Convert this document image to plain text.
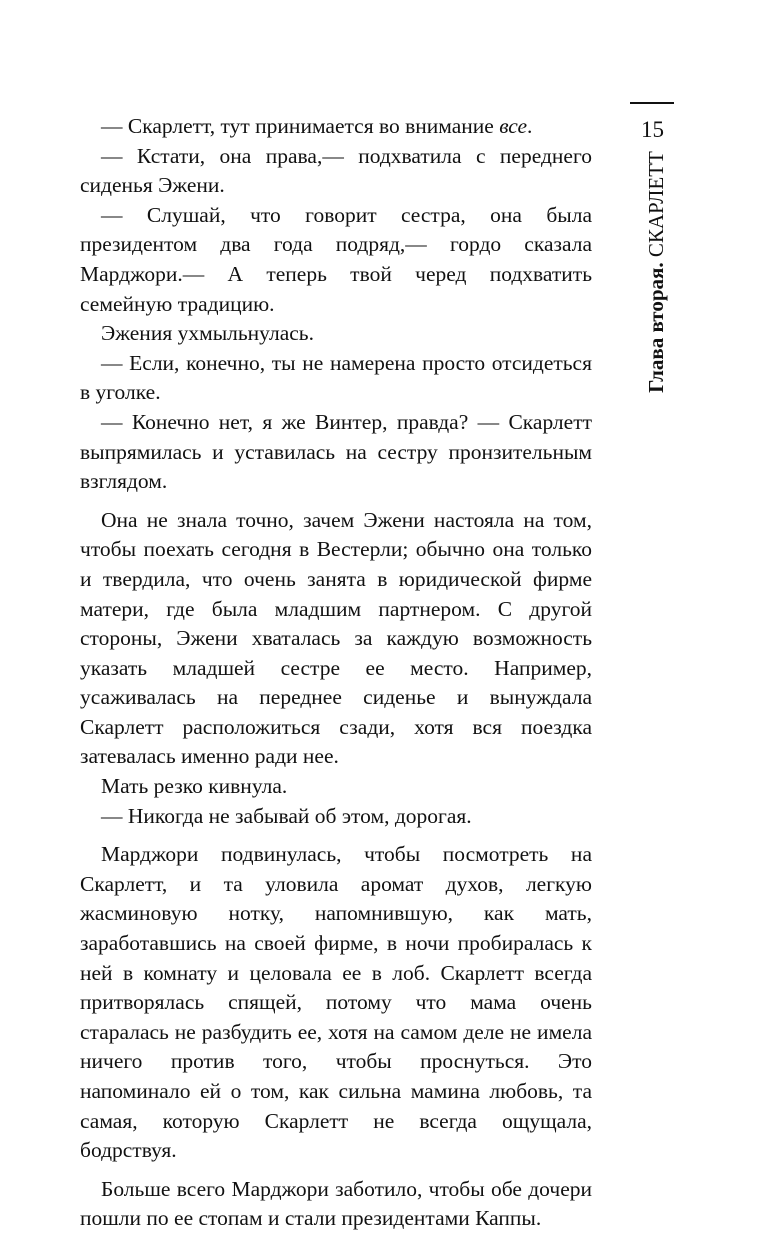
15
Глава вторая. СКАРЛЕТТ

— Скарлетт, тут принимается во внимание все.

— Кстати, она права,— подхватила с переднего сиденья Эжени.

— Слушай, что говорит сестра, она была президентом два года подряд,— гордо сказала Марджори.— А теперь твой черед подхватить семейную традицию.

Эжения ухмыльнулась.

— Если, конечно, ты не намерена просто отсидеться в уголке.

— Конечно нет, я же Винтер, правда? — Скарлетт выпрямилась и уставилась на сестру пронзительным взглядом.

Она не знала точно, зачем Эжени настояла на том, чтобы поехать сегодня в Вестерли; обычно она только и твердила, что очень занята в юридической фирме матери, где была младшим партнером. С другой стороны, Эжени хваталась за каждую возможность указать младшей сестре ее место. Например, усаживалась на переднее сиденье и вынуждала Скарлетт расположиться сзади, хотя вся поездка затевалась именно ради нее.

Мать резко кивнула.

— Никогда не забывай об этом, дорогая.

Марджори подвинулась, чтобы посмотреть на Скарлетт, и та уловила аромат духов, легкую жасминовую нотку, напомнившую, как мать, заработавшись на своей фирме, в ночи пробиралась к ней в комнату и целовала ее в лоб. Скарлетт всегда притворялась спящей, потому что мама очень старалась не разбудить ее, хотя на самом деле не имела ничего против того, чтобы проснуться. Это напоминало ей о том, как сильна мамина любовь, та самая, которую Скарлетт не всегда ощущала, бодрствуя.

Больше всего Марджори заботило, чтобы обе дочери пошли по ее стопам и стали президентами Каппы.
